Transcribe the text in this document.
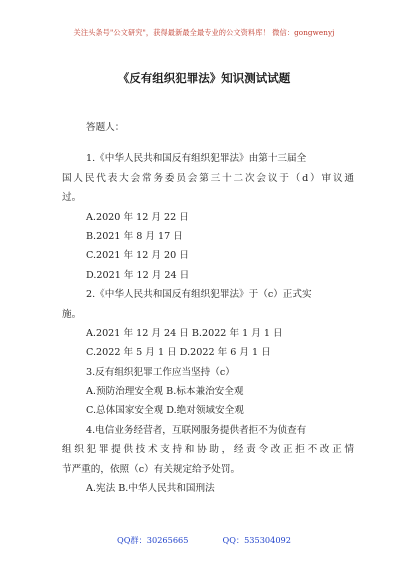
关注头条号"公文研究"，获得最新最全最专业的公文资料库！ 微信：gongwenyj
《反有组织犯罪法》知识测试试题
答题人：
1.《中华人民共和国反有组织犯罪法》由第十三届全
国人民代表大会常务委员会第三十二次会议于（d）审议通
过。
A.2020 年 12 月 22 日
B.2021 年 8 月 17 日
C.2021 年 12 月 20 日
D.2021 年 12 月 24 日
2.《中华人民共和国反有组织犯罪法》于（c）正式实
施。
A.2021 年 12 月 24 日 B.2022 年 1 月 1 日
C.2022 年 5 月 1 日 D.2022 年 6 月 1 日
3.反有组织犯罪工作应当坚持（c）
A.预防治理安全观 B.标本兼治安全观
C.总体国家安全观 D.绝对领域安全观
4.电信业务经营者，互联网服务提供者拒不为侦查有
组织犯罪提供技术支持和协助，经责令改正拒不改正情
节严重的，依照（c）有关规定给予处罚。
A.宪法 B.中华人民共和国刑法
QQ群：30265665	QQ：535304092
